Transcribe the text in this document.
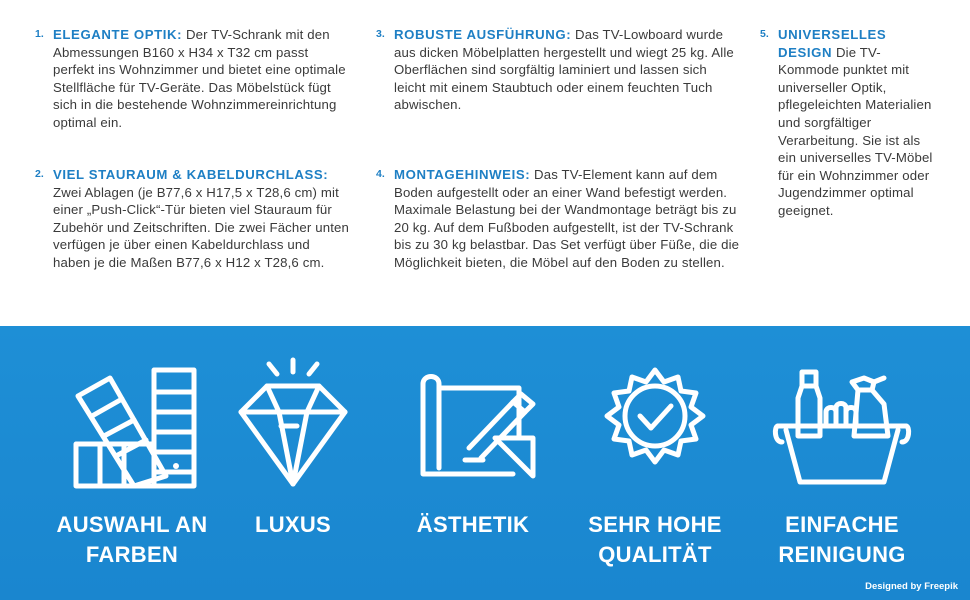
1. ELEGANTE OPTIK: Der TV-Schrank mit den Abmessungen B160 x H34 x T32 cm passt perfekt ins Wohnzimmer und bietet eine optimale Stellfläche für TV-Geräte. Das Möbelstück fügt sich in die bestehende Wohnzimmereinrichtung optimal ein.
2. VIEL STAURAUM & KABELDURCHLASS: Zwei Ablagen (je B77,6 x H17,5 x T28,6 cm) mit einer „Push-Click“-Tür bieten viel Stauraum für Zubehör und Zeitschriften. Die zwei Fächer unten verfügen je über einen Kabeldurchlass und haben je die Maßen B77,6 x H12 x T28,6 cm.
3. ROBUSTE AUSFÜHRUNG: Das TV-Lowboard wurde aus dicken Möbelplatten hergestellt und wiegt 25 kg. Alle Oberflächen sind sorgfältig laminiert und lassen sich leicht mit einem Staubtuch oder einem feuchten Tuch abwischen.
4. MONTAGEHINWEIS: Das TV-Element kann auf dem Boden aufgestellt oder an einer Wand befestigt werden. Maximale Belastung bei der Wandmontage beträgt bis zu 20 kg. Auf dem Fußboden aufgestellt, ist der TV-Schrank bis zu 30 kg belastbar. Das Set verfügt über Füße, die die Möglichkeit bieten, die Möbel auf den Boden zu stellen.
5. UNIVERSELLES DESIGN Die TV-Kommode punktet mit universeller Optik, pflegeleichten Materialien und sorgfältiger Verarbeitung. Sie ist als ein universelles TV-Möbel für ein Wohnzimmer oder Jugendzimmer optimal geeignet.
AUSWAHL AN
FARBEN
LUXUS	ÄSTHETIK	SEHR HOHE
QUALITÄT
EINFACHE
REINIGUNG
Designed by Freepik
